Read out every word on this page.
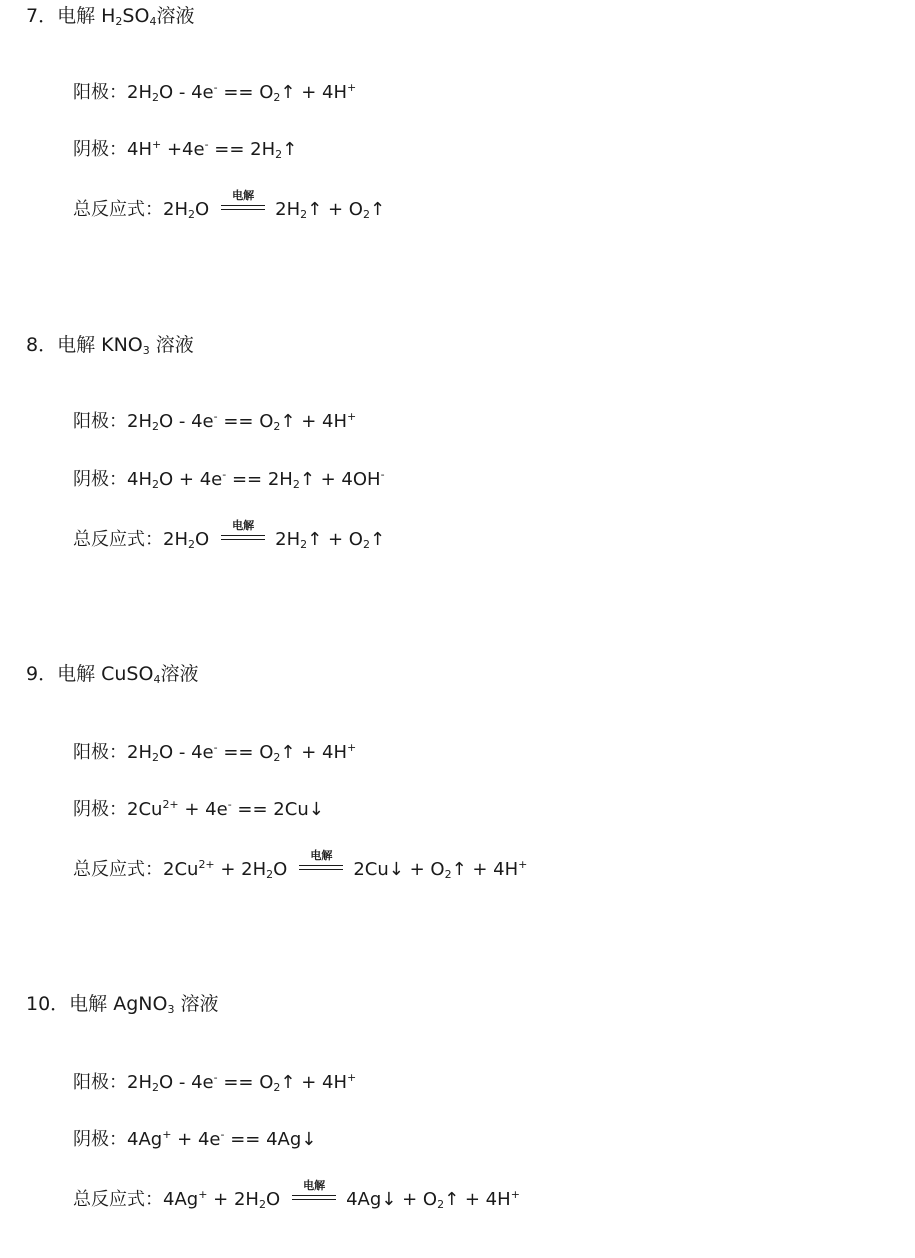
7．电解 $H_2SO_4$溶液
阳极：$2H_2O - 4e^-$ == $O_2↑ + 4H^+$
阴极：$4H^+ +4e^- == 2H_2↑$
总反应式：$2H_2O$
电解
$2H_2↑$ + $O_2↑$
8．电解 $KNO_3$ 溶液
阳极：$2H_2O - 4e^-$ == $O_2↑ + 4H^+$
阴极：$4H_2O + 4e^-$ == $2H_2↑ + 4OH^-$
总反应式：$2H_2O$
电解
$2H_2↑$ + $O_2↑$
9．电解 CuSO$_4$溶液
阳极：$2H_2O - 4e^-$ == $O_2↑ + 4H^+$
阴极：$2Cu^{2+} + 4e^-$ == 2Cu↓
总反应式：$2Cu^{2+} + 2H_2O$
电解
2Cu↓ + $O_2↑ + 4H^+$
10．电解 AgNO$_3$ 溶液
阳极：$2H_2O - 4e^-$ == $O_2↑ + 4H^+$
阴极：4Ag+ + 4e- == 4Ag↓
总反应式：$4Ag^+ + 2H_2O$
电解
4Ag↓ + $O_2↑ + 4H^+$
